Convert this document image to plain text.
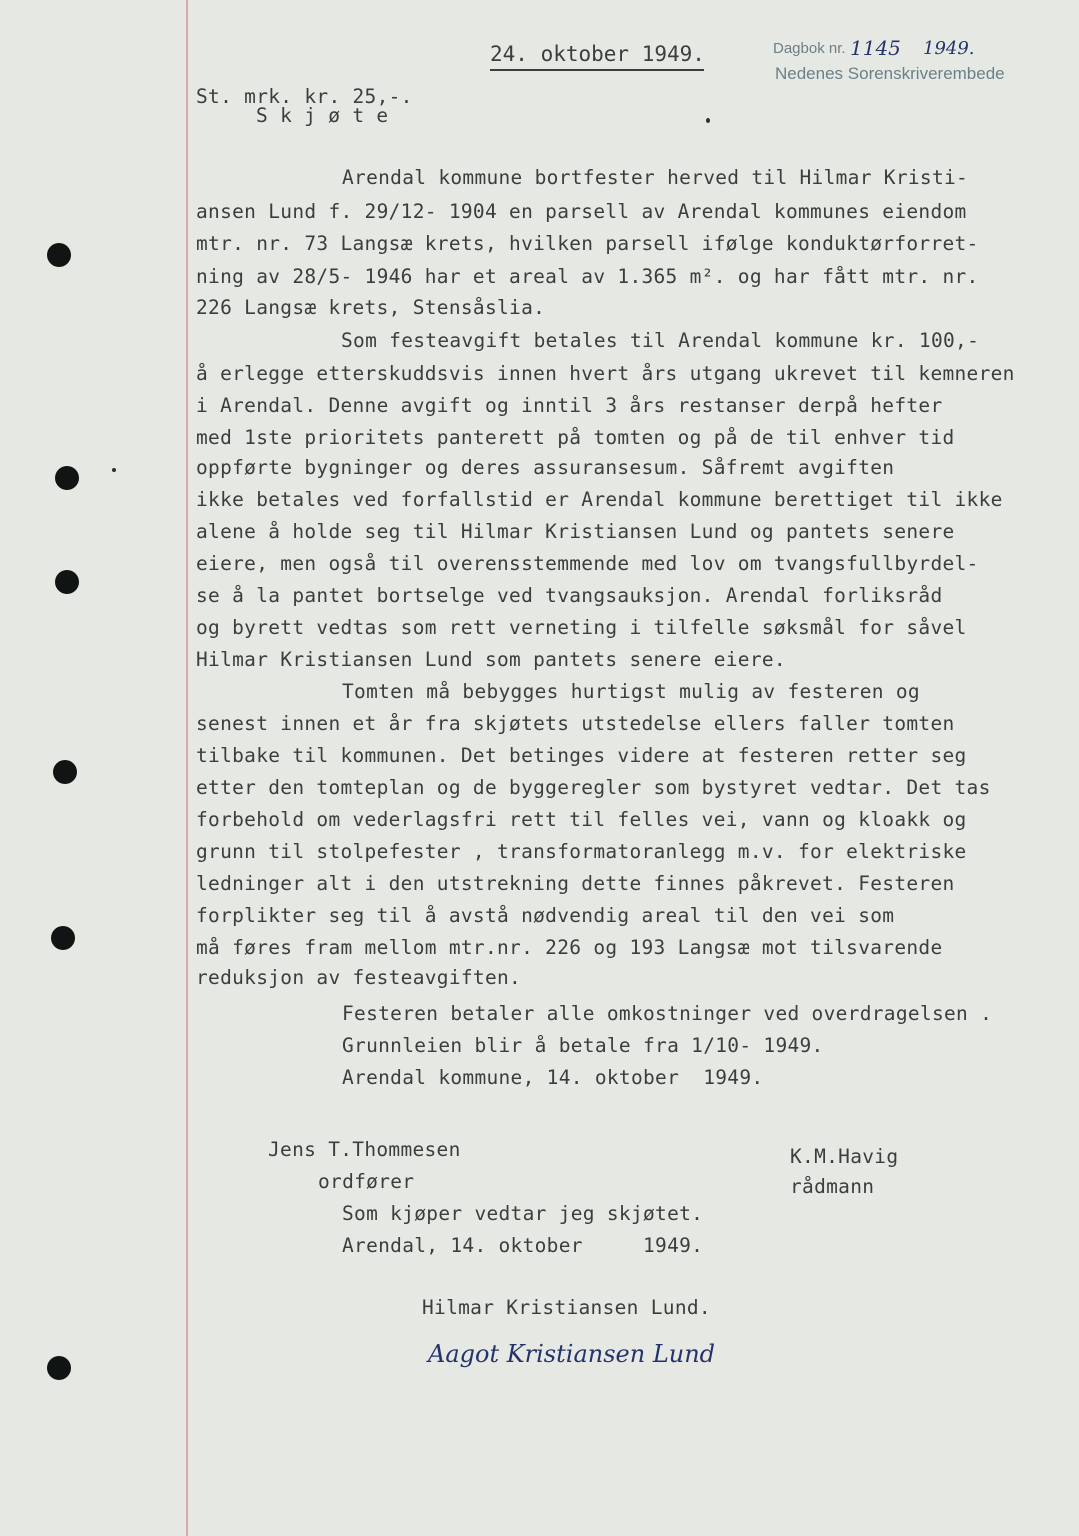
24. oktober 1949.	Dagbok nr. 1145 1949.
Nedenes Sorenskriverembede
St. mrk. kr. 25,-.
S k j ø t e
Arendal kommune bortfester herved til Hilmar Kristi-
ansen Lund f. 29/12- 1904 en parsell av Arendal kommunes eiendom
mtr. nr. 73 Langsæ krets, hvilken parsell ifølge konduktørforret-
ning av 28/5- 1946 har et areal av 1.365 m². og har fått mtr. nr.
226 Langsæ krets, Stensåslia.
Som festeavgift betales til Arendal kommune kr. 100,-
å erlegge etterskuddsvis innen hvert års utgang ukrevet til kemneren
i Arendal. Denne avgift og inntil 3 års restanser derpå hefter
med 1ste prioritets panterett på tomten og på de til enhver tid
oppførte bygninger og deres assuransesum. Såfremt avgiften
ikke betales ved forfallstid er Arendal kommune berettiget til ikke
alene å holde seg til Hilmar Kristiansen Lund og pantets senere
eiere, men også til overensstemmende med lov om tvangsfullbyrdel-
se å la pantet bortselge ved tvangsauksjon. Arendal forliksråd
og byrett vedtas som rett verneting i tilfelle søksmål for såvel
Hilmar Kristiansen Lund som pantets senere eiere.
Tomten må bebygges hurtigst mulig av festeren og
senest innen et år fra skjøtets utstedelse ellers faller tomten
tilbake til kommunen. Det betinges videre at festeren retter seg
etter den tomteplan og de byggeregler som bystyret vedtar. Det tas
forbehold om vederlagsfri rett til felles vei, vann og kloakk og
grunn til stolpefester , transformatoranlegg m.v. for elektriske
ledninger alt i den utstrekning dette finnes påkrevet. Festeren
forplikter seg til å avstå nødvendig areal til den vei som
må føres fram mellom mtr.nr. 226 og 193 Langsæ mot tilsvarende
reduksjon av festeavgiften.
Festeren betaler alle omkostninger ved overdragelsen .
Grunnleien blir å betale fra 1/10- 1949.
Arendal kommune, 14. oktober  1949.
Jens T.Thommesen
ordfører
K.M.Havig
rådmann
Som kjøper vedtar jeg skjøtet.
Arendal, 14. oktober     1949.
Hilmar Kristiansen Lund.
Aagot Kristiansen Lund
